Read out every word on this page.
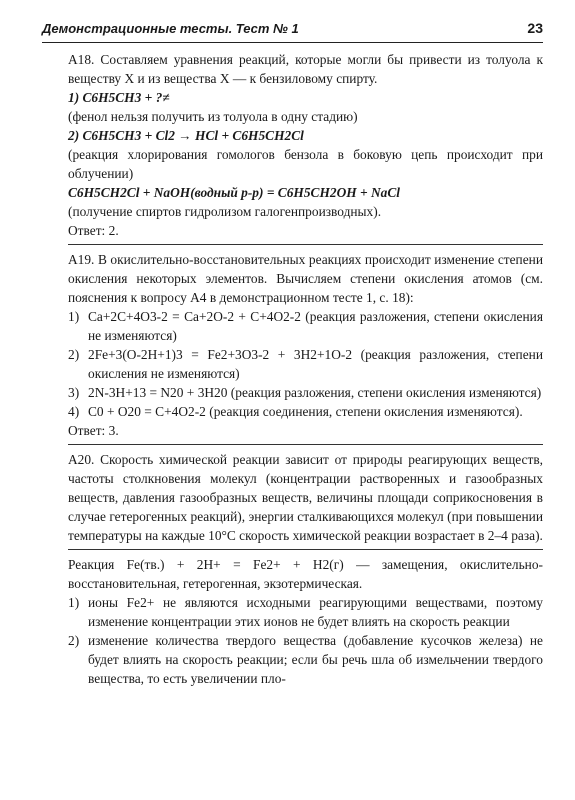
Демонстрационные тесты. Тест № 1	23

А18. Составляем уравнения реакций, которые могли бы привести из толуола к веществу X и из вещества X — к бензиловому спирту.

1) C6H5CH3 + ?≠

(фенол нельзя получить из толуола в одну стадию)

2) C6H5CH3 + Cl2 → HCl + C6H5CH2Cl

(реакция хлорирования гомологов бензола в боковую цепь происходит при облучении)

C6H5CH2Cl + NaOH(водный р-р) = C6H5CH2OH + NaCl

(получение спиртов гидролизом галогенпроизводных).

Ответ: 2.

А19. В окислительно-восстановительных реакциях происходит изменение степени окисления некоторых элементов. Вычисляем степени окисления атомов (см. пояснения к вопросу А4 в демонстрационном тесте 1, с. 18):

1) Ca+2C+4O3-2 = Ca+2O-2 + C+4O2-2 (реакция разложения, степени окисления не изменяются)
2) 2Fe+3(O-2H+1)3 = Fe2+3O3-2 + 3H2+1O-2 (реакция разложения, степени окисления не изменяются)
3) 2N-3H+13 = N20 + 3H20 (реакция разложения, степени окисления изменяются)
4) C0 + O20 = C+4O2-2 (реакция соединения, степени окисления изменяются).

Ответ: 3.

А20. Скорость химической реакции зависит от природы реагирующих веществ, частоты столкновения молекул (концентрации растворенных и газообразных веществ, давления газообразных веществ, величины площади соприкосновения в случае гетерогенных реакций), энергии сталкивающихся молекул (при повышении температуры на каждые 10°С скорость химической реакции возрастает в 2–4 раза).

Реакция Fe(тв.) + 2H+ = Fe2+ + H2(г) — замещения, окислительно-восстановительная, гетерогенная, экзотермическая.

1) ионы Fe2+ не являются исходными реагирующими веществами, поэтому изменение концентрации этих ионов не будет влиять на скорость реакции
2) изменение количества твердого вещества (добавление кусочков железа) не будет влиять на скорость реакции; если бы речь шла об измельчении твердого вещества, то есть увеличении пло-
